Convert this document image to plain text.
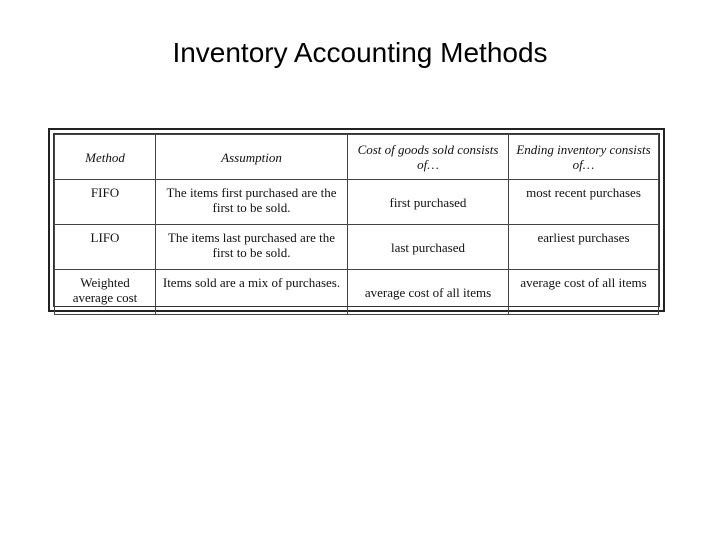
Inventory Accounting Methods
Method	Assumption	Cost of goods sold consists of…	Ending inventory consists of…
FIFO	The items first purchased are the first to be sold.	first purchased	most recent purchases
LIFO	The items last purchased are the first to be sold.	last purchased	earliest purchases
Weighted average cost	Items sold are a mix of purchases.	average cost of all items	average cost of all items
